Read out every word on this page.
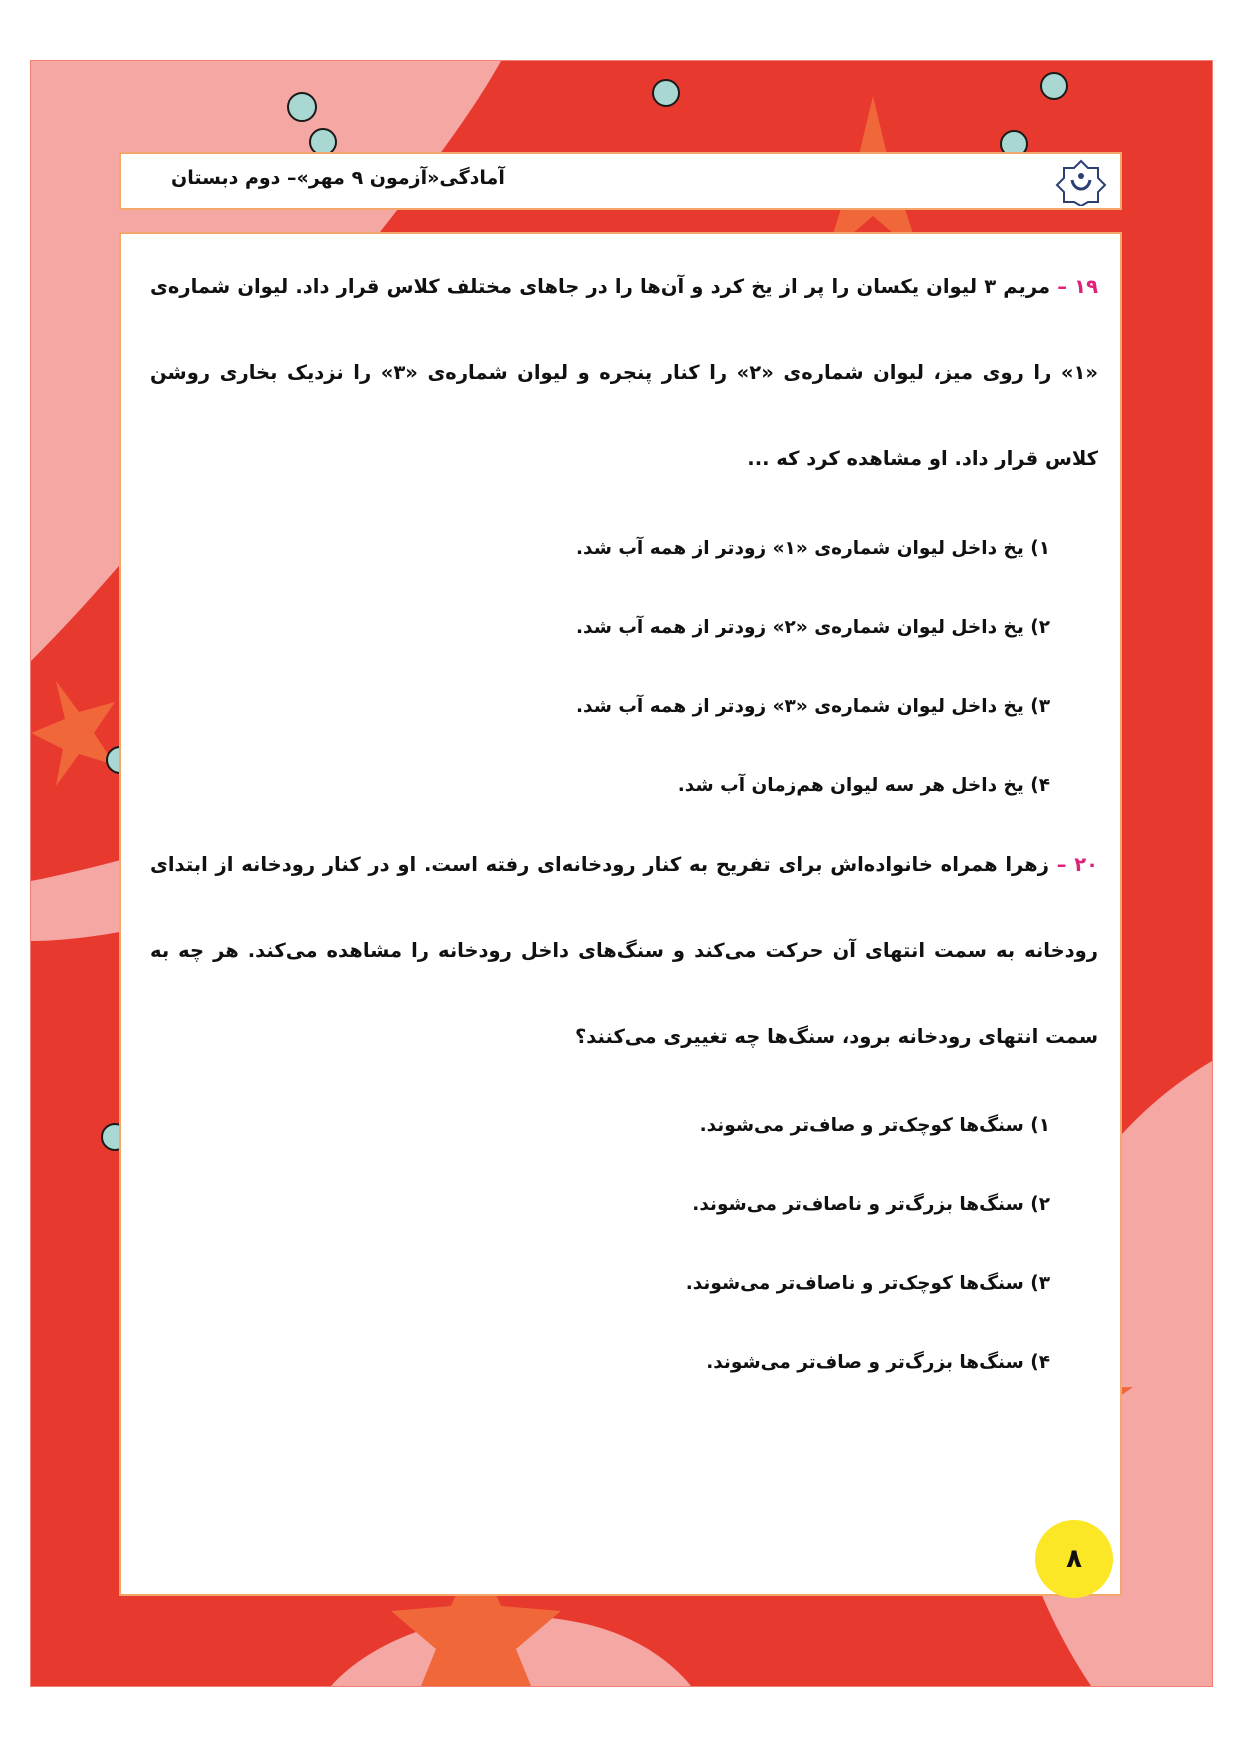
آمادگی«آزمون ۹ مهر»– دوم دبستان
۱۹ – مریم ۳ لیوان یکسان را پر از یخ کرد و آن‌ها را در جاهای مختلف کلاس قرار داد. لیوان شماره‌ی «۱» را روی میز، لیوان شماره‌ی «۲» را کنار پنجره و لیوان شماره‌ی «۳» را نزدیک بخاری روشن کلاس قرار داد. او مشاهده کرد که ...
۱) یخ داخل لیوان شماره‌ی «۱» زودتر از همه آب شد.
۲) یخ داخل لیوان شماره‌ی «۲» زودتر از همه آب شد.
۳) یخ داخل لیوان شماره‌ی «۳» زودتر از همه آب شد.
۴) یخ داخل هر سه لیوان هم‌زمان آب شد.
۲۰ – زهرا همراه خانواده‌اش برای تفریح به کنار رودخانه‌ای رفته است. او در کنار رودخانه از ابتدای رودخانه به سمت انتهای آن حرکت می‌کند و سنگ‌های داخل رودخانه را مشاهده می‌کند. هر چه به سمت انتهای رودخانه برود، سنگ‌ها چه تغییری می‌کنند؟
۱) سنگ‌ها کوچک‌تر و صاف‌تر می‌شوند.
۲) سنگ‌ها بزرگ‌تر و ناصاف‌تر می‌شوند.
۳) سنگ‌ها کوچک‌تر و ناصاف‌تر می‌شوند.
۴) سنگ‌ها بزرگ‌تر و صاف‌تر می‌شوند.
۸
